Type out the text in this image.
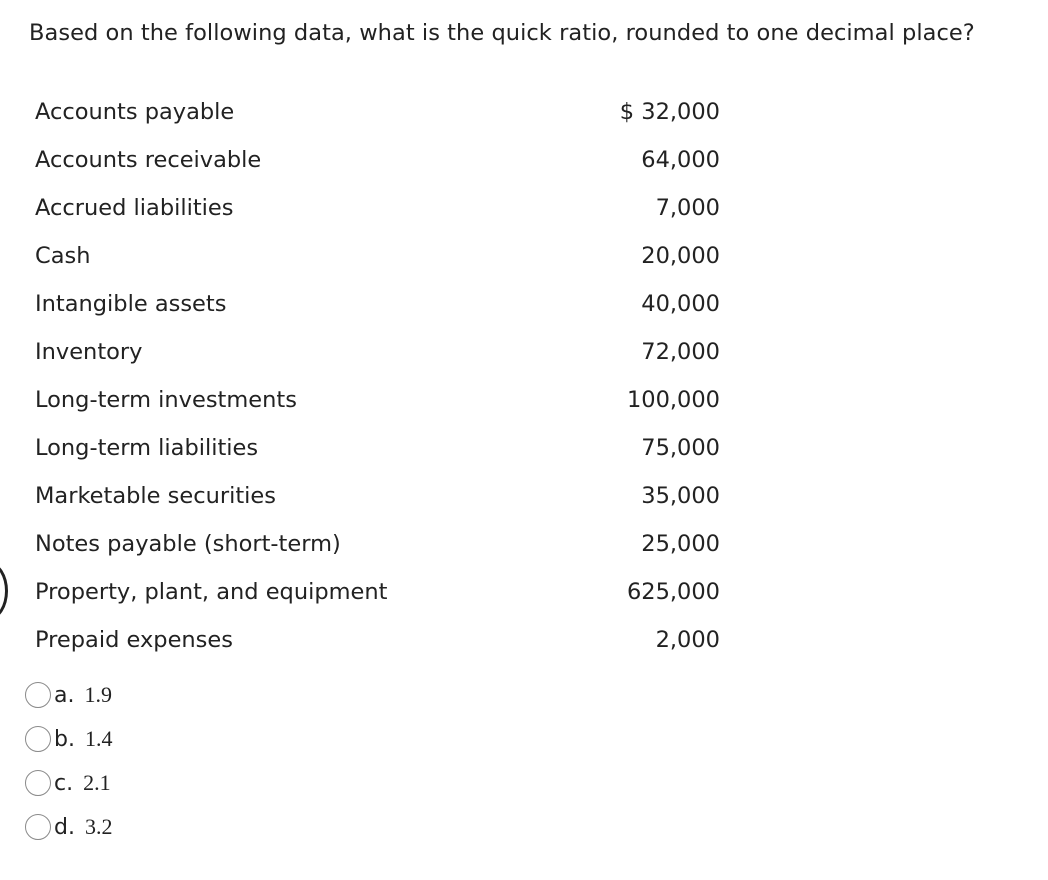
Based on the following data, what is the quick ratio, rounded to one decimal place?
Accounts payable	$ 32,000
Accounts receivable	64,000
Accrued liabilities	7,000
Cash	20,000
Intangible assets	40,000
Inventory	72,000
Long-term investments	100,000
Long-term liabilities	75,000
Marketable securities	35,000
Notes payable (short-term)	25,000
Property, plant, and equipment	625,000
Prepaid expenses	2,000
a. 1.9
b. 1.4
c. 2.1
d. 3.2
